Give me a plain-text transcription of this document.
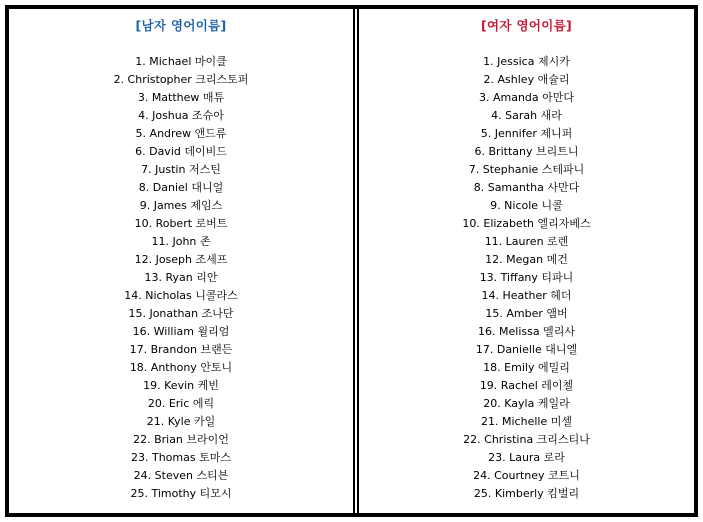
[남자 영어이름]
1. Michael 마이클
2. Christopher 크리스토퍼
3. Matthew 매튜
4. Joshua 조슈아
5. Andrew 앤드류
6. David 데이비드
7. Justin 저스틴
8. Daniel 대니얼
9. James 제임스
10. Robert 로버트
11. John 존
12. Joseph 조세프
13. Ryan 리안
14. Nicholas 니콜라스
15. Jonathan 조나단
16. William 윌리엄
17. Brandon 브랜든
18. Anthony 안토니
19. Kevin 케빈
20. Eric 에릭
21. Kyle 카일
22. Brian 브라이언
23. Thomas 토마스
24. Steven 스티븐
25. Timothy 티모시
[여자 영어이름]
1. Jessica 제시카
2. Ashley 애슐리
3. Amanda 아만다
4. Sarah 새라
5. Jennifer 제니퍼
6. Brittany 브리트니
7. Stephanie 스테파니
8. Samantha 사만다
9. Nicole 니콜
10. Elizabeth 엘리자베스
11. Lauren 로렌
12. Megan 메건
13. Tiffany 티파니
14. Heather 헤더
15. Amber 앰버
16. Melissa 멜리사
17. Danielle 대니엘
18. Emily 에밀리
19. Rachel 레이첼
20. Kayla 케일라
21. Michelle 미셸
22. Christina 크리스티나
23. Laura 로라
24. Courtney 코트니
25. Kimberly 킴벌리
